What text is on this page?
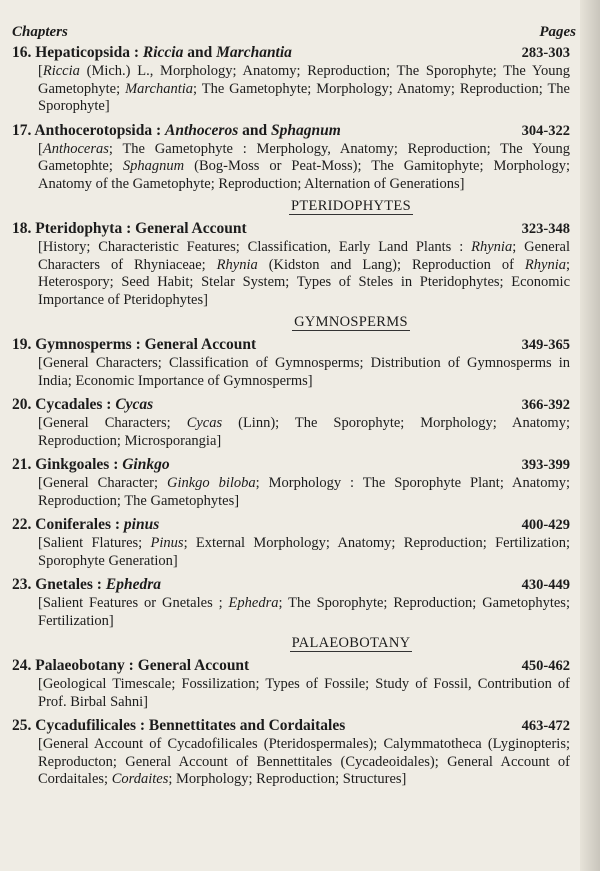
Chapters	Pages
16. Hepaticopsida : Riccia and Marchantia	283-303
[Riccia (Mich.) L., Morphology; Anatomy; Reproduction; The Sporophyte; The Young Gametophyte; Marchantia; The Gametophyte; Morphology; Anatomy; Reproduction; The Sporophyte]
17. Anthocerotopsida : Anthoceros and Sphagnum	304-322
[Anthoceras; The Gametophyte : Merphology, Anatomy; Reproduction; The Young Gametophte; Sphagnum (Bog-Moss or Peat-Moss); The Gamitophyte; Morphology; Anatomy of the Gametophyte; Reproduction; Alternation of Generations]
PTERIDOPHYTES
18. Pteridophyta : General Account	323-348
[History; Characteristic Features; Classification, Early Land Plants : Rhynia; General Characters of Rhyniaceae; Rhynia (Kidston and Lang); Reproduction of Rhynia; Heterospory; Seed Habit; Stelar System; Types of Steles in Pteridophytes; Economic Importance of Pteridophytes]
GYMNOSPERMS
19. Gymnosperms : General Account	349-365
[General Characters; Classification of Gymnosperms; Distribution of Gymnosperms in India; Economic Importance of Gymnosperms]
20. Cycadales : Cycas	366-392
[General Characters; Cycas (Linn); The Sporophyte; Morphology; Anatomy; Reproduction; Microsporangia]
21. Ginkgoales : Ginkgo	393-399
[General Character; Ginkgo biloba; Morphology : The Sporophyte Plant; Anatomy; Reproduction; The Gametophytes]
22. Coniferales : pinus	400-429
[Salient Flatures; Pinus; External Morphology; Anatomy; Reproduction; Fertilization; Sporophyte Generation]
23. Gnetales : Ephedra	430-449
[Salient Features or Gnetales ; Ephedra; The Sporophyte; Reproduction; Gametophytes; Fertilization]
PALAEOBOTANY
24. Palaeobotany : General Account	450-462
[Geological Timescale; Fossilization; Types of Fossile; Study of Fossil, Contribution of Prof. Birbal Sahni]
25. Cycadufilicales : Bennettitates and Cordaitales	463-472
[General Account of Cycadofilicales (Pteridospermales); Calymmatotheca (Lyginopteris; Reproducton; General Account of Bennettitales (Cycadeoidales); General Account of Cordaitales; Cordaites; Morphology; Reproduction; Structures]
